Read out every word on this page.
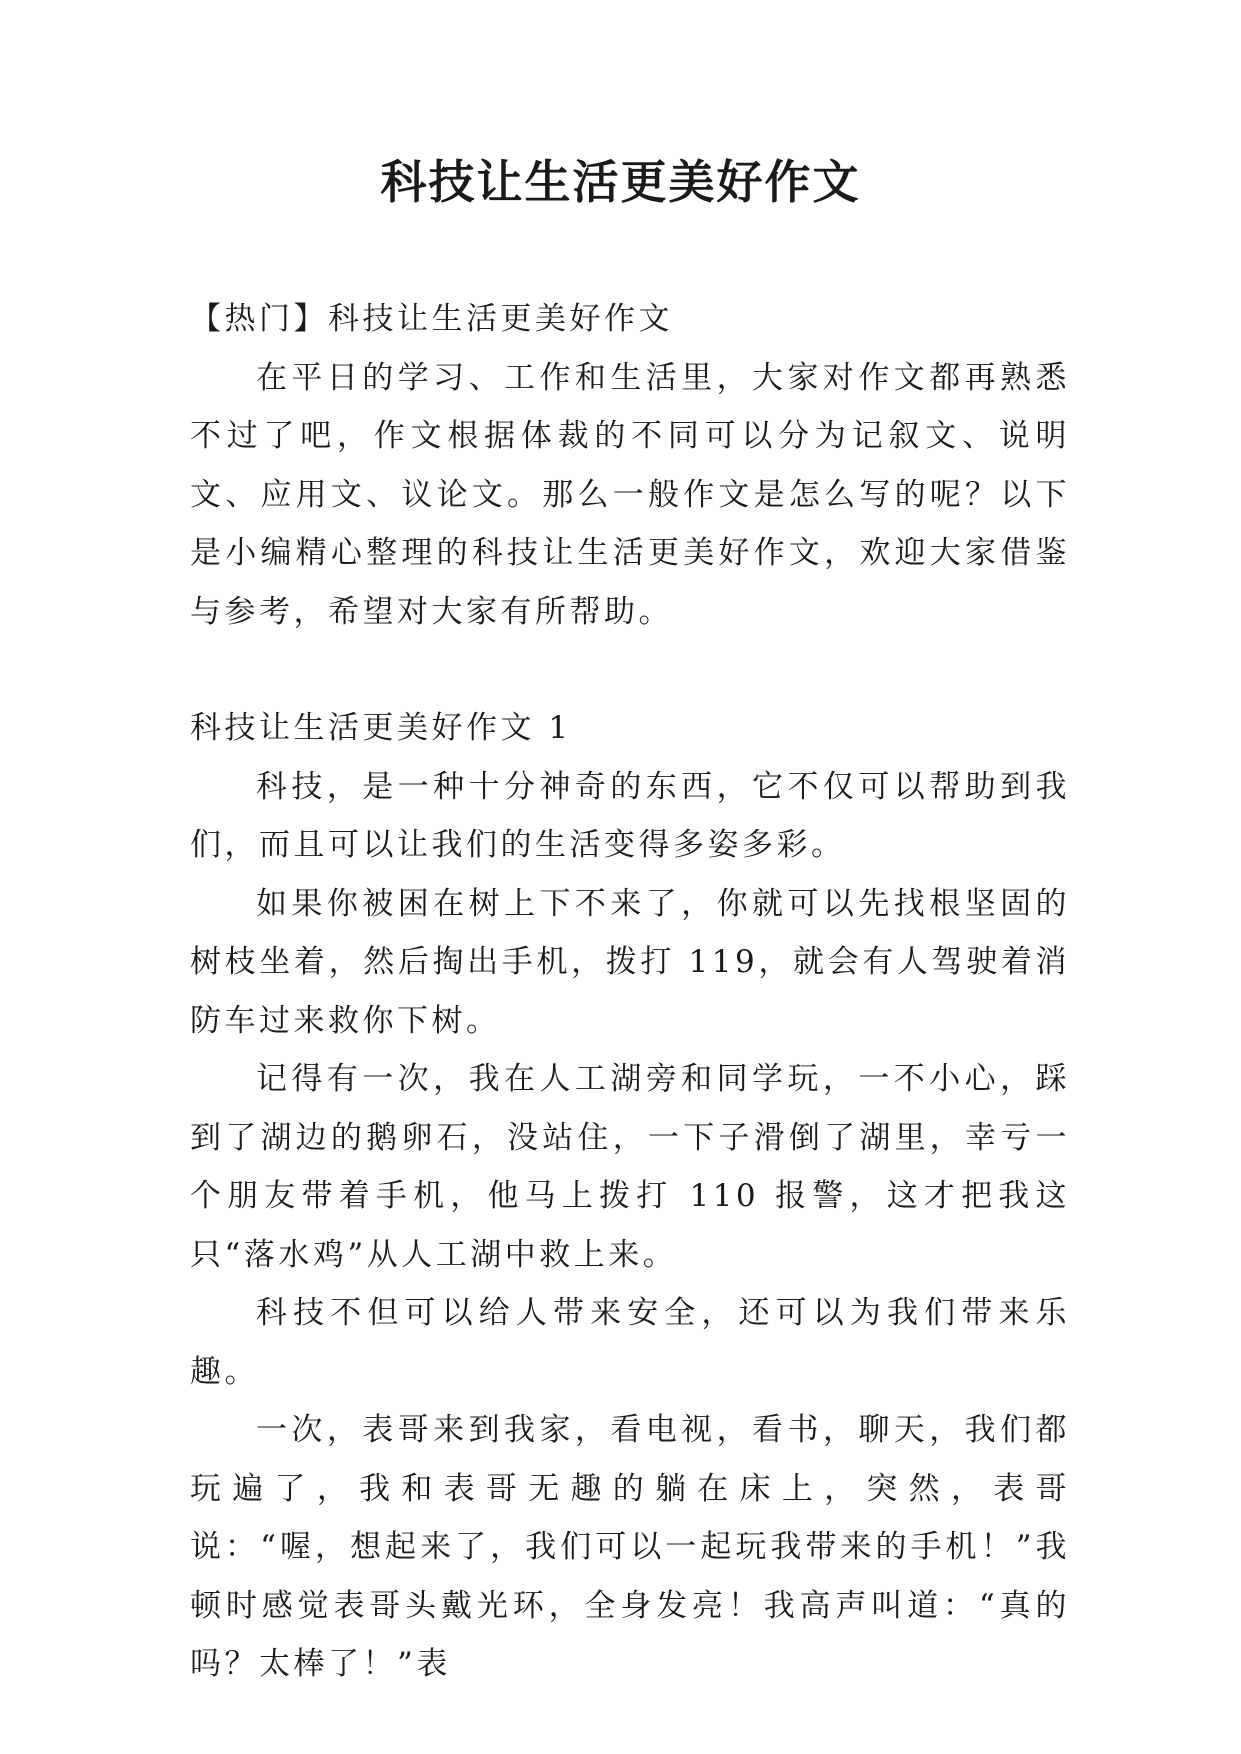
科技让生活更美好作文

【热门】科技让生活更美好作文

在平日的学习、工作和生活里，大家对作文都再熟悉不过了吧，作文根据体裁的不同可以分为记叙文、说明文、应用文、议论文。那么一般作文是怎么写的呢？以下是小编精心整理的科技让生活更美好作文，欢迎大家借鉴与参考，希望对大家有所帮助。

科技让生活更美好作文 1

科技，是一种十分神奇的东西，它不仅可以帮助到我们，而且可以让我们的生活变得多姿多彩。

如果你被困在树上下不来了，你就可以先找根坚固的树枝坐着，然后掏出手机，拨打 119，就会有人驾驶着消防车过来救你下树。

记得有一次，我在人工湖旁和同学玩，一不小心，踩到了湖边的鹅卵石，没站住，一下子滑倒了湖里，幸亏一个朋友带着手机，他马上拨打 110 报警，这才把我这只“落水鸡”从人工湖中救上来。

科技不但可以给人带来安全，还可以为我们带来乐趣。

一次，表哥来到我家，看电视，看书，聊天，我们都玩遍了，我和表哥无趣的躺在床上，突然，表哥说：“喔，想起来了，我们可以一起玩我带来的手机！”我顿时感觉表哥头戴光环，全身发亮！我高声叫道：“真的吗？太棒了！”表
